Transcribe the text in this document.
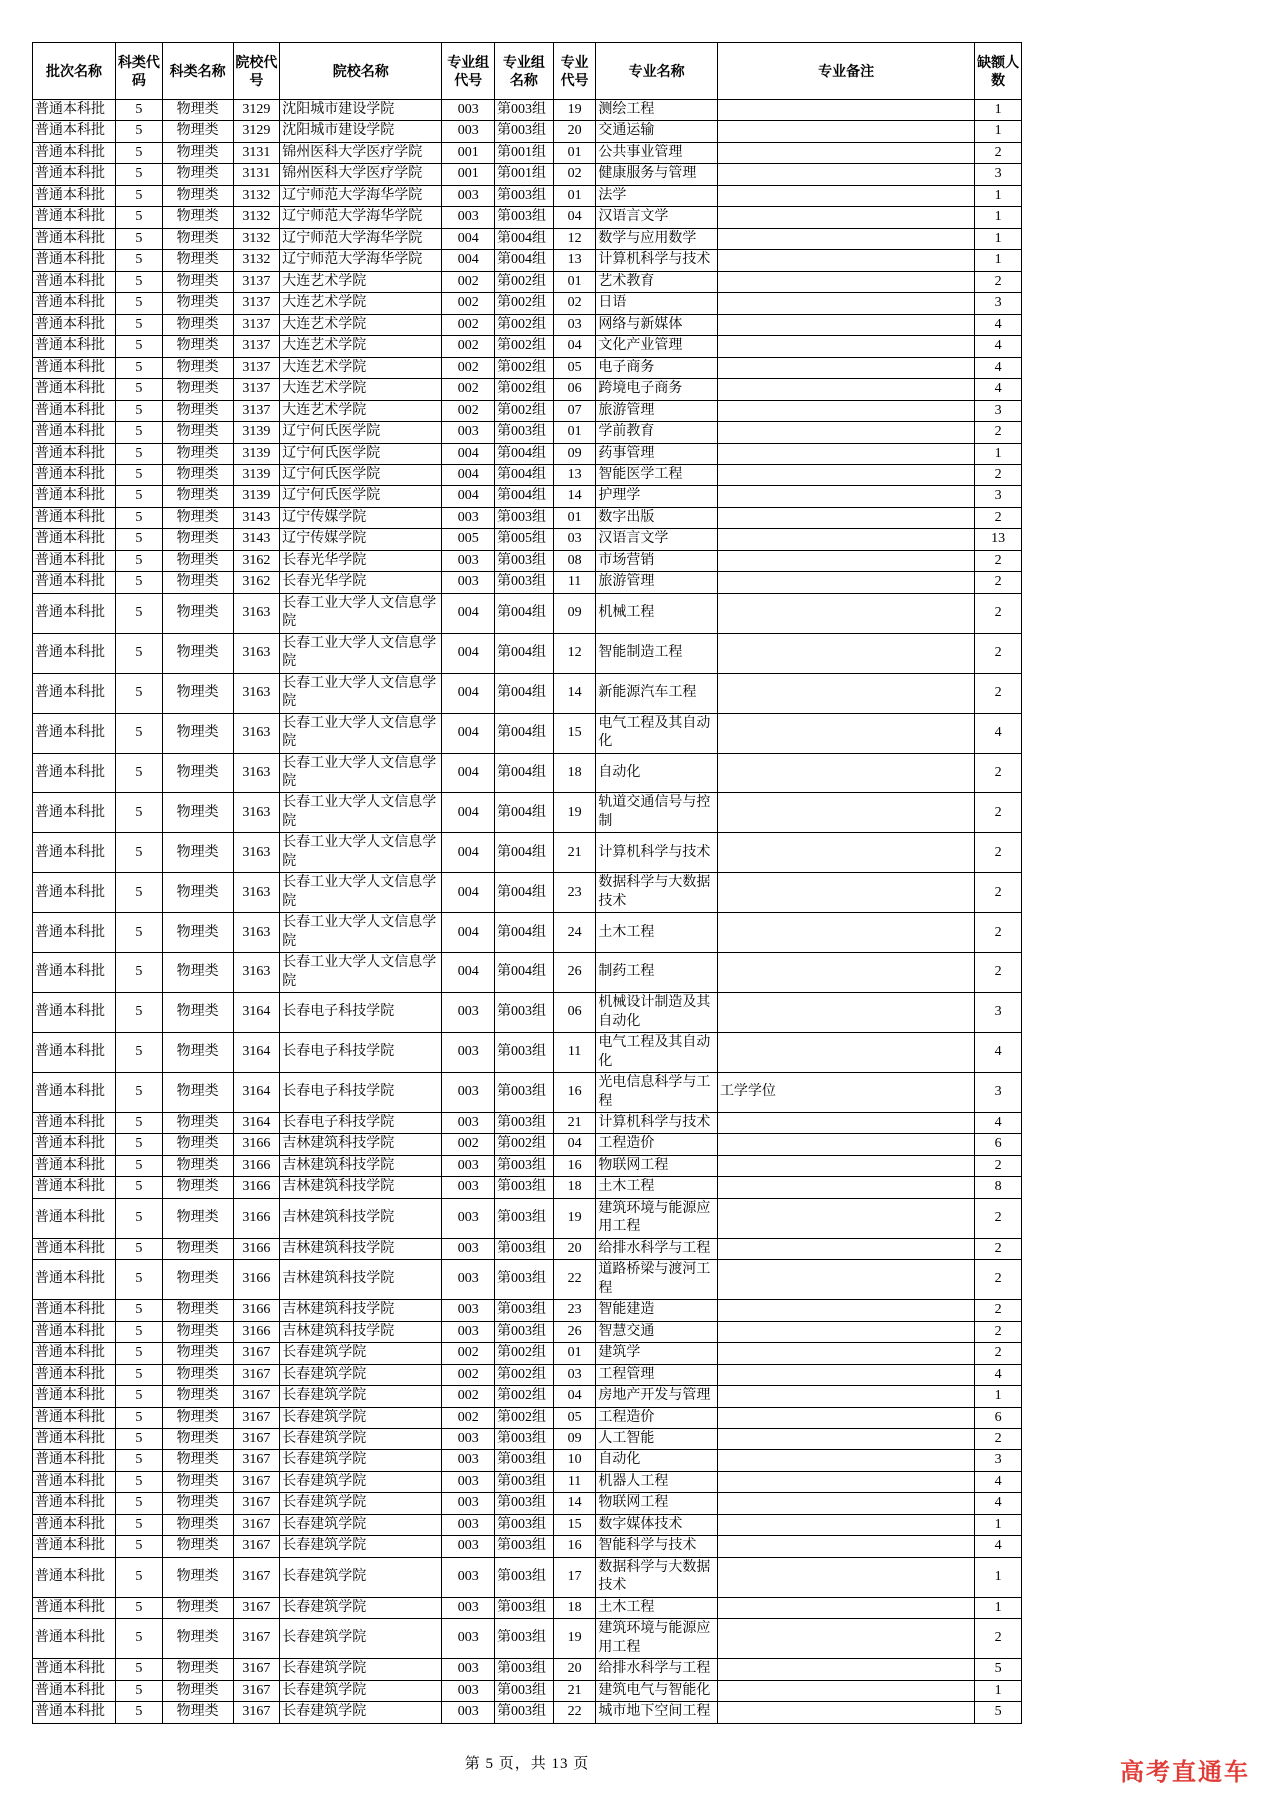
批次名称	科类代码	科类名称	院校代号	院校名称	专业组代号	专业组名称	专业代号	专业名称	专业备注	缺额人数
普通本科批	5	物理类	3129	沈阳城市建设学院	003	第003组	19	测绘工程		1
普通本科批	5	物理类	3129	沈阳城市建设学院	003	第003组	20	交通运输		1
普通本科批	5	物理类	3131	锦州医科大学医疗学院	001	第001组	01	公共事业管理		2
普通本科批	5	物理类	3131	锦州医科大学医疗学院	001	第001组	02	健康服务与管理		3
普通本科批	5	物理类	3132	辽宁师范大学海华学院	003	第003组	01	法学		1
普通本科批	5	物理类	3132	辽宁师范大学海华学院	003	第003组	04	汉语言文学		1
普通本科批	5	物理类	3132	辽宁师范大学海华学院	004	第004组	12	数学与应用数学		1
普通本科批	5	物理类	3132	辽宁师范大学海华学院	004	第004组	13	计算机科学与技术		1
普通本科批	5	物理类	3137	大连艺术学院	002	第002组	01	艺术教育		2
普通本科批	5	物理类	3137	大连艺术学院	002	第002组	02	日语		3
普通本科批	5	物理类	3137	大连艺术学院	002	第002组	03	网络与新媒体		4
普通本科批	5	物理类	3137	大连艺术学院	002	第002组	04	文化产业管理		4
普通本科批	5	物理类	3137	大连艺术学院	002	第002组	05	电子商务		4
普通本科批	5	物理类	3137	大连艺术学院	002	第002组	06	跨境电子商务		4
普通本科批	5	物理类	3137	大连艺术学院	002	第002组	07	旅游管理		3
普通本科批	5	物理类	3139	辽宁何氏医学院	003	第003组	01	学前教育		2
普通本科批	5	物理类	3139	辽宁何氏医学院	004	第004组	09	药事管理		1
普通本科批	5	物理类	3139	辽宁何氏医学院	004	第004组	13	智能医学工程		2
普通本科批	5	物理类	3139	辽宁何氏医学院	004	第004组	14	护理学		3
普通本科批	5	物理类	3143	辽宁传媒学院	003	第003组	01	数字出版		2
普通本科批	5	物理类	3143	辽宁传媒学院	005	第005组	03	汉语言文学		13
普通本科批	5	物理类	3162	长春光华学院	003	第003组	08	市场营销		2
普通本科批	5	物理类	3162	长春光华学院	003	第003组	11	旅游管理		2
普通本科批	5	物理类	3163	长春工业大学人文信息学院	004	第004组	09	机械工程		2
普通本科批	5	物理类	3163	长春工业大学人文信息学院	004	第004组	12	智能制造工程		2
普通本科批	5	物理类	3163	长春工业大学人文信息学院	004	第004组	14	新能源汽车工程		2
普通本科批	5	物理类	3163	长春工业大学人文信息学院	004	第004组	15	电气工程及其自动化		4
普通本科批	5	物理类	3163	长春工业大学人文信息学院	004	第004组	18	自动化		2
普通本科批	5	物理类	3163	长春工业大学人文信息学院	004	第004组	19	轨道交通信号与控制		2
普通本科批	5	物理类	3163	长春工业大学人文信息学院	004	第004组	21	计算机科学与技术		2
普通本科批	5	物理类	3163	长春工业大学人文信息学院	004	第004组	23	数据科学与大数据技术		2
普通本科批	5	物理类	3163	长春工业大学人文信息学院	004	第004组	24	土木工程		2
普通本科批	5	物理类	3163	长春工业大学人文信息学院	004	第004组	26	制药工程		2
普通本科批	5	物理类	3164	长春电子科技学院	003	第003组	06	机械设计制造及其自动化		3
普通本科批	5	物理类	3164	长春电子科技学院	003	第003组	11	电气工程及其自动化		4
普通本科批	5	物理类	3164	长春电子科技学院	003	第003组	16	光电信息科学与工程	工学学位	3
普通本科批	5	物理类	3164	长春电子科技学院	003	第003组	21	计算机科学与技术		4
普通本科批	5	物理类	3166	吉林建筑科技学院	002	第002组	04	工程造价		6
普通本科批	5	物理类	3166	吉林建筑科技学院	003	第003组	16	物联网工程		2
普通本科批	5	物理类	3166	吉林建筑科技学院	003	第003组	18	土木工程		8
普通本科批	5	物理类	3166	吉林建筑科技学院	003	第003组	19	建筑环境与能源应用工程		2
普通本科批	5	物理类	3166	吉林建筑科技学院	003	第003组	20	给排水科学与工程		2
普通本科批	5	物理类	3166	吉林建筑科技学院	003	第003组	22	道路桥梁与渡河工程		2
普通本科批	5	物理类	3166	吉林建筑科技学院	003	第003组	23	智能建造		2
普通本科批	5	物理类	3166	吉林建筑科技学院	003	第003组	26	智慧交通		2
普通本科批	5	物理类	3167	长春建筑学院	002	第002组	01	建筑学		2
普通本科批	5	物理类	3167	长春建筑学院	002	第002组	03	工程管理		4
普通本科批	5	物理类	3167	长春建筑学院	002	第002组	04	房地产开发与管理		1
普通本科批	5	物理类	3167	长春建筑学院	002	第002组	05	工程造价		6
普通本科批	5	物理类	3167	长春建筑学院	003	第003组	09	人工智能		2
普通本科批	5	物理类	3167	长春建筑学院	003	第003组	10	自动化		3
普通本科批	5	物理类	3167	长春建筑学院	003	第003组	11	机器人工程		4
普通本科批	5	物理类	3167	长春建筑学院	003	第003组	14	物联网工程		4
普通本科批	5	物理类	3167	长春建筑学院	003	第003组	15	数字媒体技术		1
普通本科批	5	物理类	3167	长春建筑学院	003	第003组	16	智能科学与技术		4
普通本科批	5	物理类	3167	长春建筑学院	003	第003组	17	数据科学与大数据技术		1
普通本科批	5	物理类	3167	长春建筑学院	003	第003组	18	土木工程		1
普通本科批	5	物理类	3167	长春建筑学院	003	第003组	19	建筑环境与能源应用工程		2
普通本科批	5	物理类	3167	长春建筑学院	003	第003组	20	给排水科学与工程		5
普通本科批	5	物理类	3167	长春建筑学院	003	第003组	21	建筑电气与智能化		1
普通本科批	5	物理类	3167	长春建筑学院	003	第003组	22	城市地下空间工程		5
第 5 页，共 13 页	高考直通车
